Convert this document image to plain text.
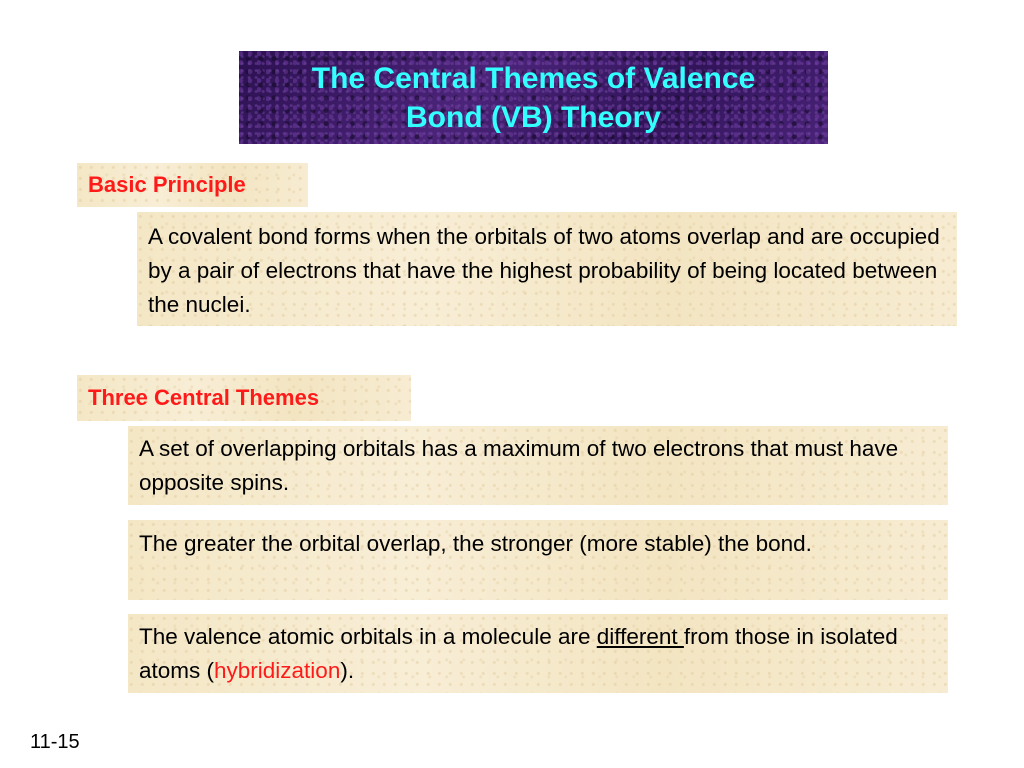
The Central Themes of Valence
Bond (VB) Theory
Basic Principle

A covalent bond forms when the orbitals of two atoms overlap and are occupied by a pair of electrons that have the highest probability of being located between the nuclei.

Three Central Themes

A set of overlapping orbitals has a maximum of two electrons that must have opposite spins.

The greater the orbital overlap, the stronger (more stable) the bond.

The valence atomic orbitals in a molecule are different from those in isolated atoms (hybridization).

11-15
